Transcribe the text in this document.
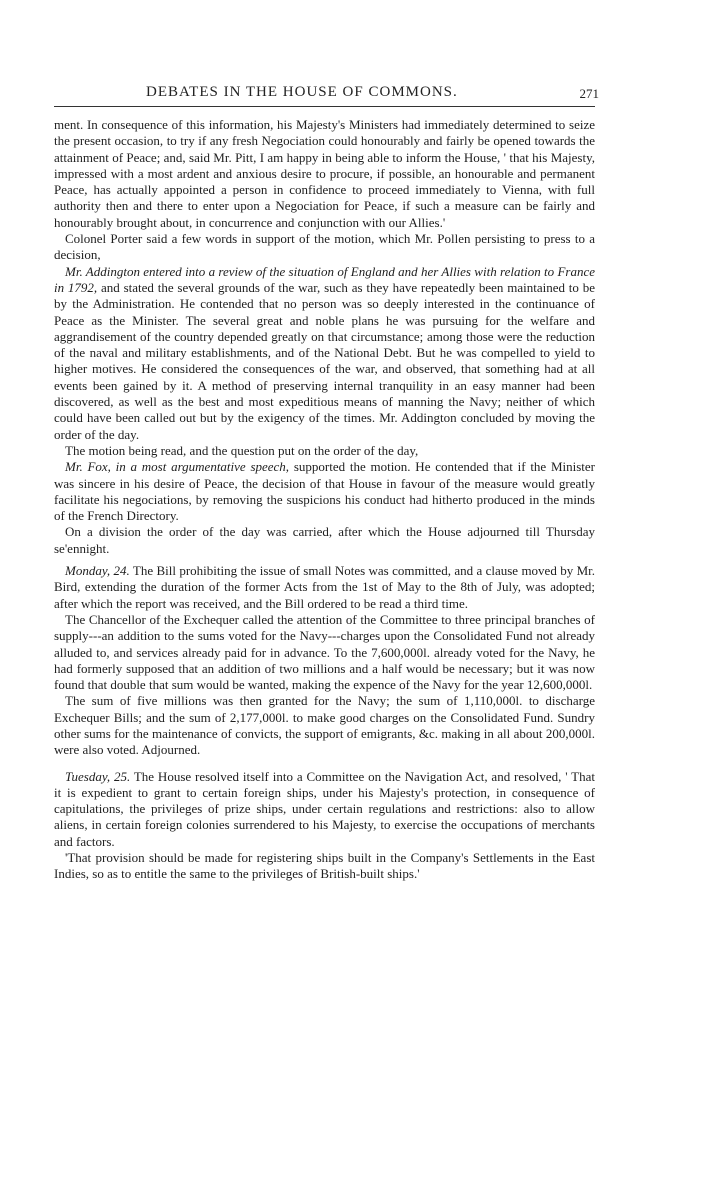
DEBATES IN THE HOUSE OF COMMONS.	271

ment. In consequence of this information, his Majesty's Ministers had immediately determined to seize the present occasion, to try if any fresh Negociation could honourably and fairly be opened towards the attainment of Peace; and, said Mr. Pitt, I am happy in being able to inform the House, ' that his Majesty, impressed with a most ardent and anxious desire to procure, if possible, an honourable and permanent Peace, has actually appointed a person in confidence to proceed immediately to Vienna, with full authority then and there to enter upon a Negociation for Peace, if such a measure can be fairly and honourably brought about, in concurrence and conjunction with our Allies.'

Colonel Porter said a few words in support of the motion, which Mr. Pollen persisting to press to a decision,

Mr. Addington entered into a review of the situation of England and her Allies with relation to France in 1792, and stated the several grounds of the war, such as they have repeatedly been maintained to be by the Administration. He contended that no person was so deeply interested in the continuance of Peace as the Minister. The several great and noble plans he was pursuing for the welfare and aggrandisement of the country depended greatly on that circumstance; among those were the reduction of the naval and military establishments, and of the National Debt. But he was compelled to yield to higher motives. He considered the consequences of the war, and observed, that something had at all events been gained by it. A method of preserving internal tranquility in an easy manner had been discovered, as well as the best and most expeditious means of manning the Navy; neither of which could have been called out but by the exigency of the times. Mr. Addington concluded by moving the order of the day.

The motion being read, and the question put on the order of the day,

Mr. Fox, in a most argumentative speech, supported the motion. He contended that if the Minister was sincere in his desire of Peace, the decision of that House in favour of the measure would greatly facilitate his negociations, by removing the suspicions his conduct had hitherto produced in the minds of the French Directory.

On a division the order of the day was carried, after which the House adjourned till Thursday se'ennight.

Monday, 24. The Bill prohibiting the issue of small Notes was committed, and a clause moved by Mr. Bird, extending the duration of the former Acts from the 1st of May to the 8th of July, was adopted; after which the report was received, and the Bill ordered to be read a third time.

The Chancellor of the Exchequer called the attention of the Committee to three principal branches of supply---an addition to the sums voted for the Navy---charges upon the Consolidated Fund not already alluded to, and services already paid for in advance. To the 7,600,000l. already voted for the Navy, he had formerly supposed that an addition of two millions and a half would be necessary; but it was now found that double that sum would be wanted, making the expence of the Navy for the year 12,600,000l.

The sum of five millions was then granted for the Navy; the sum of 1,110,000l. to discharge Exchequer Bills; and the sum of 2,177,000l. to make good charges on the Consolidated Fund. Sundry other sums for the maintenance of convicts, the support of emigrants, &c. making in all about 200,000l. were also voted. Adjourned.

Tuesday, 25. The House resolved itself into a Committee on the Navigation Act, and resolved, ' That it is expedient to grant to certain foreign ships, under his Majesty's protection, in consequence of capitulations, the privileges of prize ships, under certain regulations and restrictions: also to allow aliens, in certain foreign colonies surrendered to his Majesty, to exercise the occupations of merchants and factors.

'That provision should be made for registering ships built in the Company's Settlements in the East Indies, so as to entitle the same to the privileges of British-built ships.'
